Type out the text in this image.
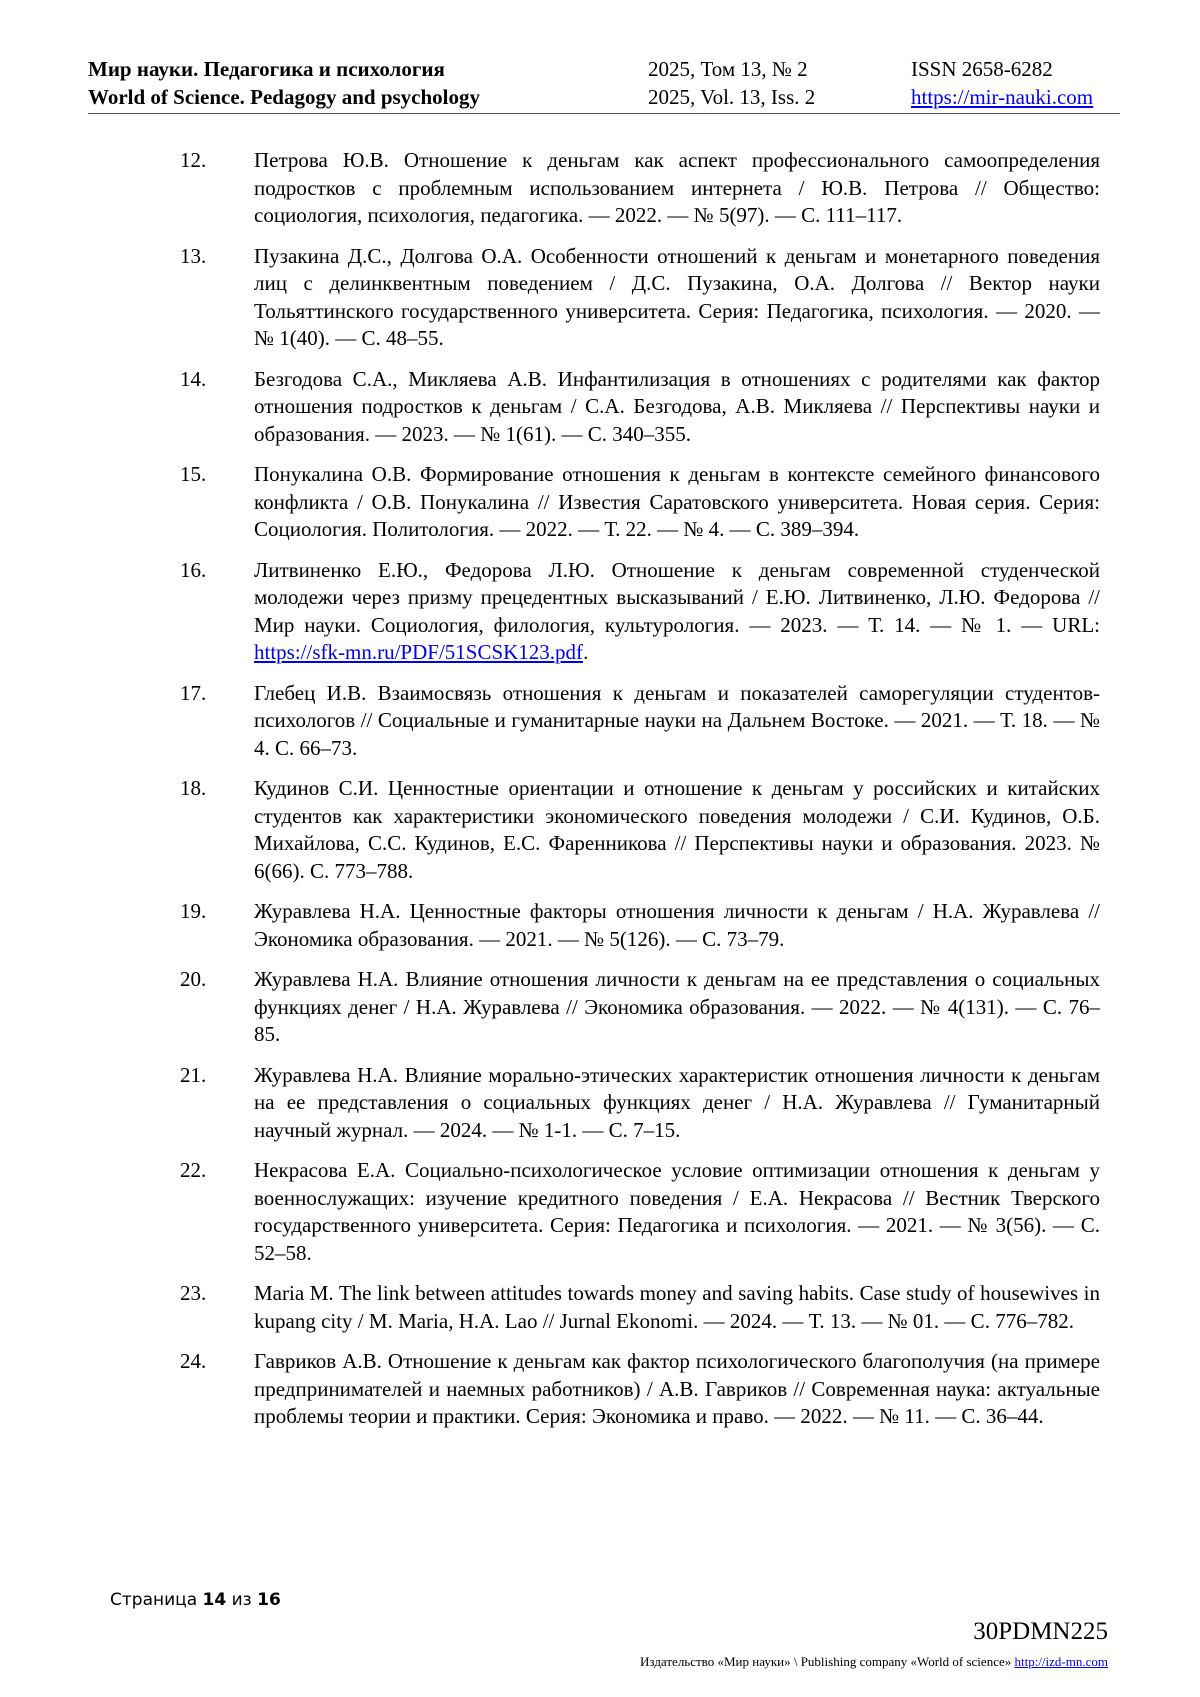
Мир науки. Педагогика и психология
World of Science. Pedagogy and psychology
2025, Том 13, № 2
2025, Vol. 13, Iss. 2
ISSN 2658-6282
https://mir-nauki.com
12. Петрова Ю.В. Отношение к деньгам как аспект профессионального самоопределения подростков с проблемным использованием интернета / Ю.В. Петрова // Общество: социология, психология, педагогика. — 2022. — № 5(97). — С. 111–117.
13. Пузакина Д.С., Долгова О.А. Особенности отношений к деньгам и монетарного поведения лиц с делинквентным поведением / Д.С. Пузакина, О.А. Долгова // Вектор науки Тольяттинского государственного университета. Серия: Педагогика, психология. — 2020. — № 1(40). — С. 48–55.
14. Безгодова С.А., Микляева А.В. Инфантилизация в отношениях с родителями как фактор отношения подростков к деньгам / С.А. Безгодова, А.В. Микляева // Перспективы науки и образования. — 2023. — № 1(61). — С. 340–355.
15. Понукалина О.В. Формирование отношения к деньгам в контексте семейного финансового конфликта / О.В. Понукалина // Известия Саратовского университета. Новая серия. Серия: Социология. Политология. — 2022. — Т. 22. — № 4. — С. 389–394.
16. Литвиненко Е.Ю., Федорова Л.Ю. Отношение к деньгам современной студенческой молодежи через призму прецедентных высказываний / Е.Ю. Литвиненко, Л.Ю. Федорова // Мир науки. Социология, филология, культурология. — 2023. — Т. 14. — № 1. — URL: https://sfk-mn.ru/PDF/51SCSK123.pdf.
17. Глебец И.В. Взаимосвязь отношения к деньгам и показателей саморегуляции студентов-психологов // Социальные и гуманитарные науки на Дальнем Востоке. — 2021. — Т. 18. — № 4. С. 66–73.
18. Кудинов С.И. Ценностные ориентации и отношение к деньгам у российских и китайских студентов как характеристики экономического поведения молодежи / С.И. Кудинов, О.Б. Михайлова, С.С. Кудинов, Е.С. Фаренникова // Перспективы науки и образования. 2023. № 6(66). С. 773–788.
19. Журавлева Н.А. Ценностные факторы отношения личности к деньгам / Н.А. Журавлева // Экономика образования. — 2021. — № 5(126). — С. 73–79.
20. Журавлева Н.А. Влияние отношения личности к деньгам на ее представления о социальных функциях денег / Н.А. Журавлева // Экономика образования. — 2022. — № 4(131). — С. 76–85.
21. Журавлева Н.А. Влияние морально-этических характеристик отношения личности к деньгам на ее представления о социальных функциях денег / Н.А. Журавлева // Гуманитарный научный журнал. — 2024. — № 1-1. — С. 7–15.
22. Некрасова Е.А. Социально-психологическое условие оптимизации отношения к деньгам у военнослужащих: изучение кредитного поведения / Е.А. Некрасова // Вестник Тверского государственного университета. Серия: Педагогика и психология. — 2021. — № 3(56). — С. 52–58.
23. Maria M. The link between attitudes towards money and saving habits. Case study of housewives in kupang city / M. Maria, H.A. Lao // Jurnal Ekonomi. — 2024. — Т. 13. — № 01. — С. 776–782.
24. Гавриков А.В. Отношение к деньгам как фактор психологического благополучия (на примере предпринимателей и наемных работников) / А.В. Гавриков // Современная наука: актуальные проблемы теории и практики. Серия: Экономика и право. — 2022. — № 11. — С. 36–44.
Страница 14 из 16
30PDMN225
Издательство «Мир науки» \ Publishing company «World of science» http://izd-mn.com
